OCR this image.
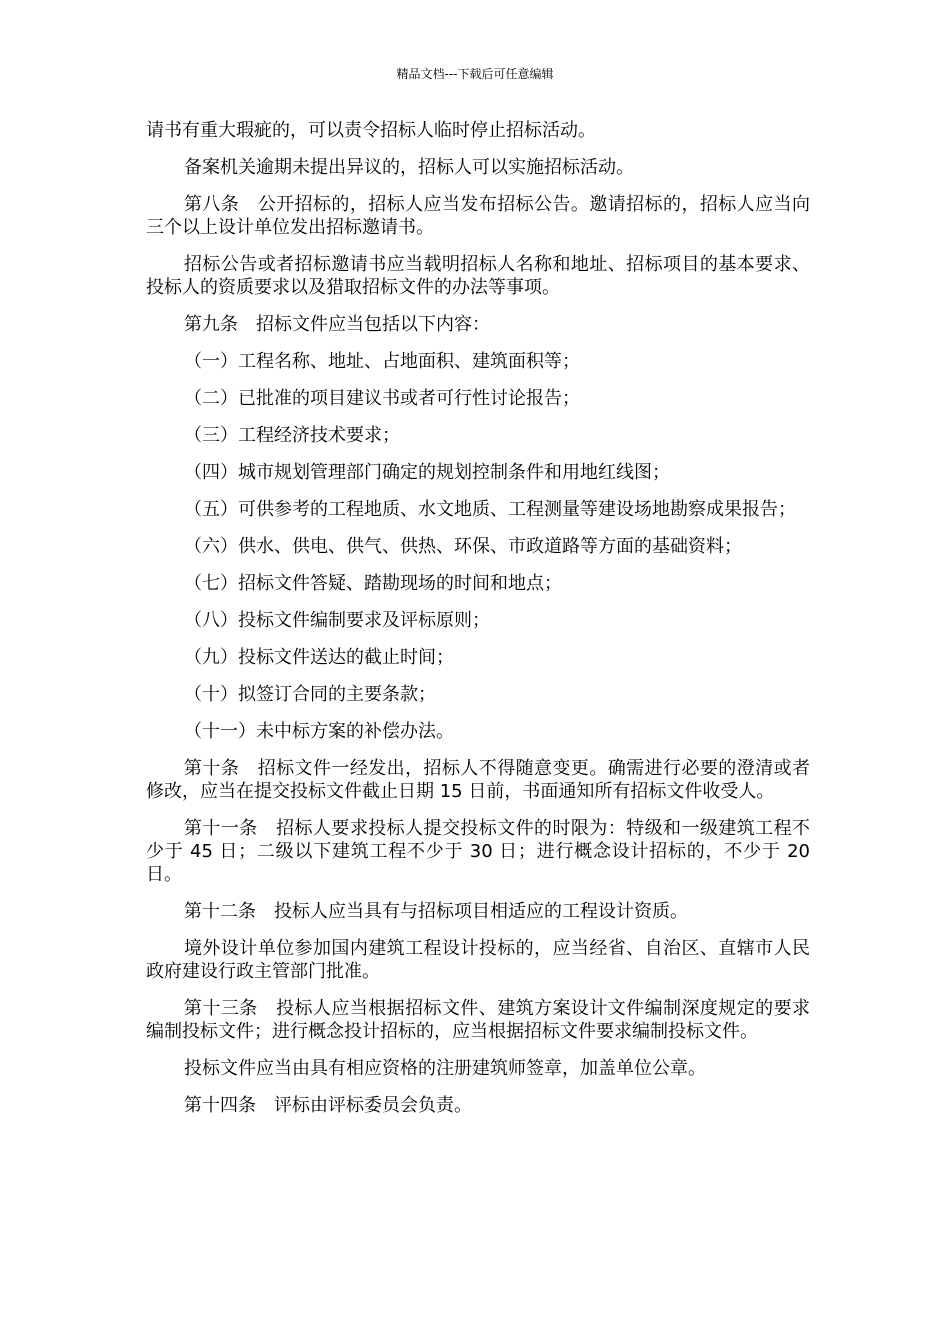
精品文档---下载后可任意编辑

请书有重大瑕疵的，可以责令招标人临时停止招标活动。

备案机关逾期未提出异议的，招标人可以实施招标活动。

第八条　公开招标的，招标人应当发布招标公告。邀请招标的，招标人应当向三个以上设计单位发出招标邀请书。

招标公告或者招标邀请书应当载明招标人名称和地址、招标项目的基本要求、投标人的资质要求以及猎取招标文件的办法等事项。

第九条　招标文件应当包括以下内容：

（一）工程名称、地址、占地面积、建筑面积等；

（二）已批准的项目建议书或者可行性讨论报告；

（三）工程经济技术要求；

（四）城市规划管理部门确定的规划控制条件和用地红线图；

（五）可供参考的工程地质、水文地质、工程测量等建设场地勘察成果报告；

（六）供水、供电、供气、供热、环保、市政道路等方面的基础资料；

（七）招标文件答疑、踏勘现场的时间和地点；

（八）投标文件编制要求及评标原则；

（九）投标文件送达的截止时间；

（十）拟签订合同的主要条款；

（十一）未中标方案的补偿办法。

第十条　招标文件一经发出，招标人不得随意变更。确需进行必要的澄清或者修改，应当在提交投标文件截止日期 15 日前，书面通知所有招标文件收受人。

第十一条　招标人要求投标人提交投标文件的时限为：特级和一级建筑工程不少于 45 日；二级以下建筑工程不少于 30 日；进行概念设计招标的，不少于 20 日。

第十二条　投标人应当具有与招标项目相适应的工程设计资质。

境外设计单位参加国内建筑工程设计投标的，应当经省、自治区、直辖市人民政府建设行政主管部门批准。

第十三条　投标人应当根据招标文件、建筑方案设计文件编制深度规定的要求编制投标文件；进行概念投计招标的，应当根据招标文件要求编制投标文件。

投标文件应当由具有相应资格的注册建筑师签章，加盖单位公章。

第十四条　评标由评标委员会负责。
